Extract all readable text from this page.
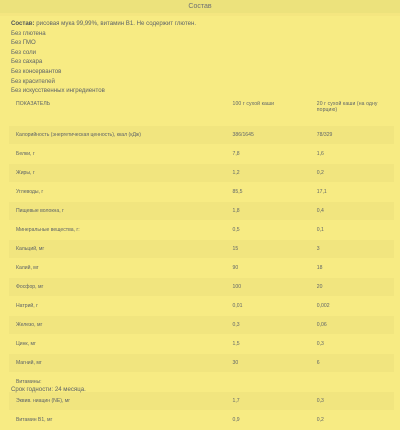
Состав
Состав: рисовая мука 99,99%, витамин В1. Не содержит глютен.
Без глютена
Без ГМО
Без соли
Без сахара
Без консервантов
Без красителей
Без искусственных ингредиентов
ПОКАЗАТЕЛЬ	100 г сухой каши	20 г сухой каши (на одну порцию)
Калорийность (энергетическая ценность), ккал (кДж)	386/1645	78/329
Белки, г	7,8	1,6
Жиры, г	1,2	0,2
Углеводы, г	85,5	17,1
Пищевые волокна, г	1,8	0,4
Минеральные вещества, г:	0,5	0,1
Кальций, мг	15	3
Калий, мг	90	18
Фосфор, мг	100	20
Натрий, г	0,01	0,002
Железо, мг	0,3	0,06
Цинк, мг	1,5	0,3
Магний, мг	30	6
Витамины:		
Эквив. ниацин (NE), мг	1,7	0,3
Витамин В1, мг	0,9	0,2
Срок годности: 24 месяца.
